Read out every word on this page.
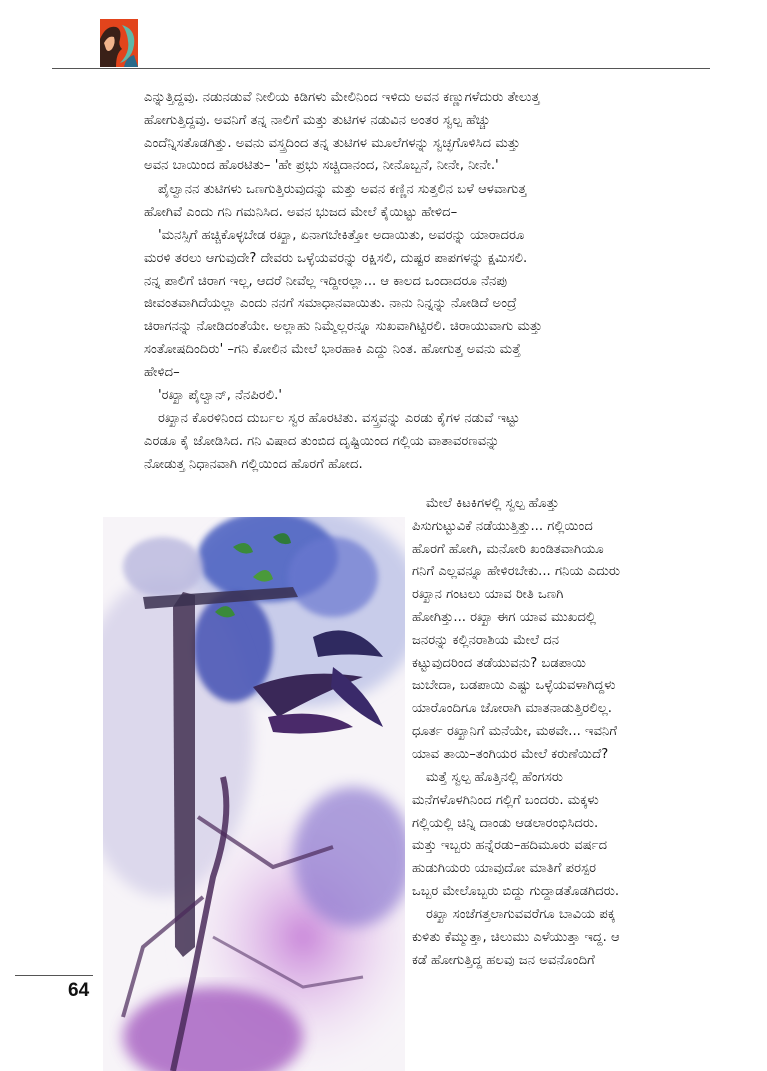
ಎನ್ನುತ್ತಿದ್ದವು. ನಡುನಡುವೆ ನೀಲಿಯ ಕಿಡಿಗಳು ಮೇಲಿನಿಂದ ಇಳಿದು ಅವನ ಕಣ್ಣುಗಳೆದುರು ತೇಲುತ್ತ
ಹೋಗುತ್ತಿದ್ದವು. ಅವನಿಗೆ ತನ್ನ ನಾಲಿಗೆ ಮತ್ತು ತುಟಿಗಳ ನಡುವಿನ ಅಂತರ ಸ್ವಲ್ಪ ಹೆಚ್ಚು
ಎಂದೆನ್ನಿಸತೊಡಗಿತ್ತು. ಅವನು ವಸ್ತ್ರದಿಂದ ತನ್ನ ತುಟಿಗಳ ಮೂಲೆಗಳನ್ನು ಸ್ವಚ್ಛಗೊಳಿಸಿದ ಮತ್ತು
ಅವನ ಬಾಯಿಂದ ಹೊರಟಿತು– 'ಹೇ ಪ್ರಭು ಸಚ್ಚಿದಾನಂದ, ನೀನೊಬ್ಬನೆ, ನೀನೇ, ನೀನೇ.'
ಪೈಲ್ವಾನನ ತುಟಿಗಳು ಒಣಗುತ್ತಿರುವುದನ್ನು ಮತ್ತು ಅವನ ಕಣ್ಣಿನ ಸುತ್ತಲಿನ ಬಳೆ ಆಳವಾಗುತ್ತ
ಹೋಗಿವೆ ಎಂದು ಗನಿ ಗಮನಿಸಿದ. ಅವನ ಭುಜದ ಮೇಲೆ ಕೈಯಿಟ್ಟು ಹೇಳಿದ–
'ಮನಸ್ಸಿಗೆ ಹಚ್ಚಿಕೊಳ್ಳಬೇಡ ರಖ್ಖಾ, ಏನಾಗಬೇಕಿತ್ತೋ ಅದಾಯಿತು, ಅವರನ್ನು ಯಾರಾದರೂ
ಮರಳಿ ತರಲು ಆಗುವುದೇ? ದೇವರು ಒಳ್ಳೆಯವರನ್ನು ರಕ್ಷಿಸಲಿ, ದುಷ್ಟರ ಪಾಪಗಳನ್ನು ಕ್ಷಮಿಸಲಿ.
ನನ್ನ ಪಾಲಿಗೆ ಚಿರಾಗ ಇಲ್ಲ, ಆದರೆ ನೀವೆಲ್ಲ ಇದ್ದೀರಲ್ಲಾ... ಆ ಕಾಲದ ಒಂದಾದರೂ ನೆನಪು
ಜೀವಂತವಾಗಿದೆಯಲ್ಲಾ ಎಂದು ನನಗೆ ಸಮಾಧಾನವಾಯಿತು. ನಾನು ನಿನ್ನನ್ನು ನೋಡಿದೆ ಅಂದ್ರೆ
ಚಿರಾಗನನ್ನು ನೋಡಿದಂತೆಯೇ. ಅಲ್ಲಾಹು ನಿಮ್ಮೆಲ್ಲರನ್ನೂ ಸುಖವಾಗಿಟ್ಟಿರಲಿ. ಚಿರಾಯುವಾಗು ಮತ್ತು
ಸಂತೋಷದಿಂದಿರು' –ಗನಿ ಕೋಲಿನ ಮೇಲೆ ಭಾರಹಾಕಿ ಎದ್ದು ನಿಂತ. ಹೋಗುತ್ತ ಅವನು ಮತ್ತೆ
ಹೇಳಿದ–
'ರಖ್ಖಾ ಪೈಲ್ವಾನ್, ನೆನಪಿರಲಿ.'
ರಖ್ಖಾನ ಕೊರಳಿನಿಂದ ದುರ್ಬಲ ಸ್ವರ ಹೊರಟಿತು. ವಸ್ತ್ರವನ್ನು ಎರಡು ಕೈಗಳ ನಡುವೆ ಇಟ್ಟು
ಎರಡೂ ಕೈ ಜೋಡಿಸಿದ. ಗನಿ ವಿಷಾದ ತುಂಬಿದ ದೃಷ್ಟಿಯಿಂದ ಗಲ್ಲಿಯ ವಾತಾವರಣವನ್ನು
ನೋಡುತ್ತ ನಿಧಾನವಾಗಿ ಗಲ್ಲಿಯಿಂದ ಹೊರಗೆ ಹೋದ.
ಮೇಲೆ ಕಿಟಕಿಗಳಲ್ಲಿ ಸ್ವಲ್ಪ ಹೊತ್ತು
ಪಿಸುಗುಟ್ಟುವಿಕೆ ನಡೆಯುತ್ತಿತ್ತು... ಗಲ್ಲಿಯಿಂದ
ಹೊರಗೆ ಹೋಗಿ, ಮನೋರಿ ಖಂಡಿತವಾಗಿಯೂ
ಗನಿಗೆ ಎಲ್ಲವನ್ನೂ ಹೇಳಿರಬೇಕು... ಗನಿಯ ಎದುರು
ರಖ್ಖಾನ ಗಂಟಲು ಯಾವ ರೀತಿ ಒಣಗಿ
ಹೋಗಿತ್ತು... ರಖ್ಖಾ ಈಗ ಯಾವ ಮುಖದಲ್ಲಿ
ಜನರನ್ನು ಕಲ್ಲಿನರಾಶಿಯ ಮೇಲೆ ದನ
ಕಟ್ಟುವುದರಿಂದ ತಡೆಯುವನು? ಬಡಪಾಯಿ
ಜುಬೇದಾ, ಬಡಪಾಯಿ ಎಷ್ಟು ಒಳ್ಳೆಯವಳಾಗಿದ್ದಳು
ಯಾರೊಂದಿಗೂ ಜೋರಾಗಿ ಮಾತನಾಡುತ್ತಿರಲಿಲ್ಲ.
ಧೂರ್ತ ರಖ್ಖಾನಿಗೆ ಮನೆಯೇ, ಮಠವೇ... ಇವನಿಗೆ
ಯಾವ ತಾಯಿ–ತಂಗಿಯರ ಮೇಲೆ ಕರುಣೆಯಿದೆ?
ಮತ್ತೆ ಸ್ವಲ್ಪ ಹೊತ್ತಿನಲ್ಲಿ ಹೆಂಗಸರು
ಮನೆಗಳೊಳಗಿನಿಂದ ಗಲ್ಲಿಗೆ ಬಂದರು. ಮಕ್ಕಳು
ಗಲ್ಲಿಯಲ್ಲಿ ಚಿನ್ನಿ ದಾಂಡು ಆಡಲಾರಂಭಿಸಿದರು.
ಮತ್ತು ಇಬ್ಬರು ಹನ್ನೆರಡು–ಹದಿಮೂರು ವರ್ಷದ
ಹುಡುಗಿಯರು ಯಾವುದೋ ಮಾತಿಗೆ ಪರಸ್ಪರ
ಒಬ್ಬರ ಮೇಲೊಬ್ಬರು ಬಿದ್ದು ಗುದ್ದಾಡತೊಡಗಿದರು.
ರಖ್ಖಾ ಸಂಜೆಗತ್ತಲಾಗುವವರೆಗೂ ಬಾವಿಯ ಪಕ್ಕ
ಕುಳಿತು ಕೆಮ್ಮುತ್ತಾ, ಚಿಲುಮು ಎಳೆಯುತ್ತಾ ಇದ್ದ. ಆ
ಕಡೆ ಹೋಗುತ್ತಿದ್ದ ಹಲವು ಜನ ಅವನೊಂದಿಗೆ
64
